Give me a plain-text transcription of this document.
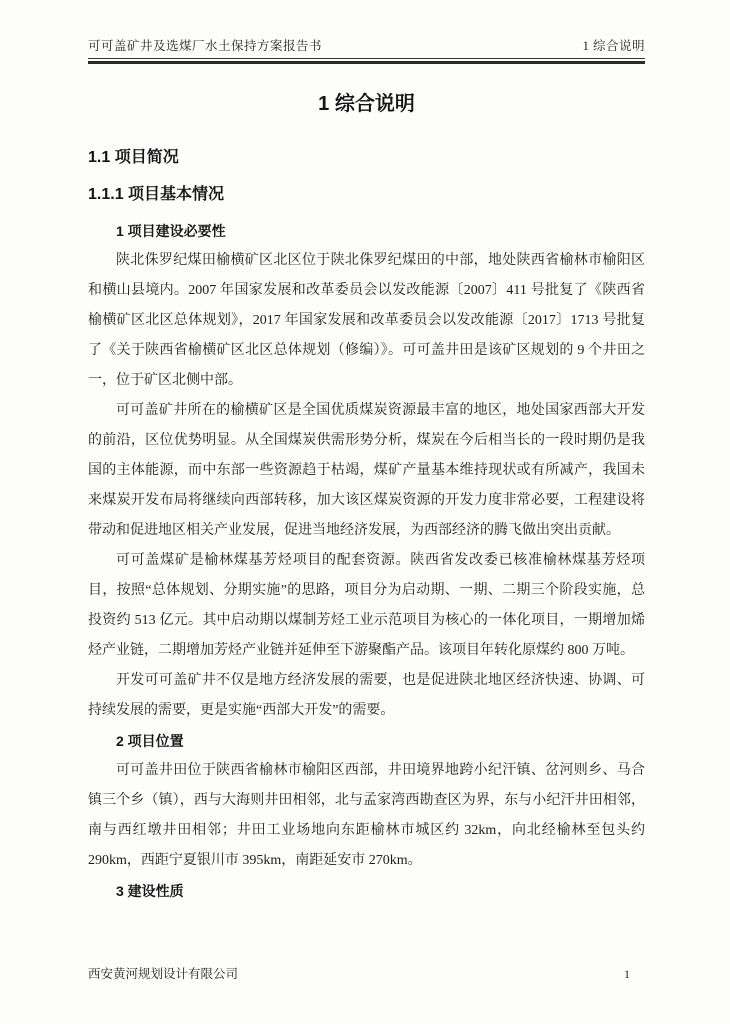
可可盖矿井及选煤厂水土保持方案报告书	1 综合说明
1 综合说明
1.1 项目简况
1.1.1 项目基本情况

1 项目建设必要性

陕北侏罗纪煤田榆横矿区北区位于陕北侏罗纪煤田的中部，地处陕西省榆林市榆阳区和横山县境内。2007 年国家发展和改革委员会以发改能源〔2007〕411 号批复了《陕西省榆横矿区北区总体规划》，2017 年国家发展和改革委员会以发改能源〔2017〕1713 号批复了《关于陕西省榆横矿区北区总体规划（修编）》。可可盖井田是该矿区规划的 9 个井田之一，位于矿区北侧中部。

可可盖矿井所在的榆横矿区是全国优质煤炭资源最丰富的地区，地处国家西部大开发的前沿，区位优势明显。从全国煤炭供需形势分析，煤炭在今后相当长的一段时期仍是我国的主体能源，而中东部一些资源趋于枯竭，煤矿产量基本维持现状或有所减产，我国未来煤炭开发布局将继续向西部转移，加大该区煤炭资源的开发力度非常必要，工程建设将带动和促进地区相关产业发展，促进当地经济发展，为西部经济的腾飞做出突出贡献。

可可盖煤矿是榆林煤基芳烃项目的配套资源。陕西省发改委已核准榆林煤基芳烃项目，按照“总体规划、分期实施”的思路，项目分为启动期、一期、二期三个阶段实施，总投资约 513 亿元。其中启动期以煤制芳烃工业示范项目为核心的一体化项目，一期增加烯烃产业链，二期增加芳烃产业链并延伸至下游聚酯产品。该项目年转化原煤约 800 万吨。

开发可可盖矿井不仅是地方经济发展的需要，也是促进陕北地区经济快速、协调、可持续发展的需要，更是实施“西部大开发”的需要。

2 项目位置

可可盖井田位于陕西省榆林市榆阳区西部，井田境界地跨小纪汗镇、岔河则乡、马合镇三个乡（镇），西与大海则井田相邻，北与孟家湾西勘查区为界，东与小纪汗井田相邻，南与西红墩井田相邻；井田工业场地向东距榆林市城区约 32km，向北经榆林至包头约 290km，西距宁夏银川市 395km，南距延安市 270km。

3 建设性质

西安黄河规划设计有限公司	1
